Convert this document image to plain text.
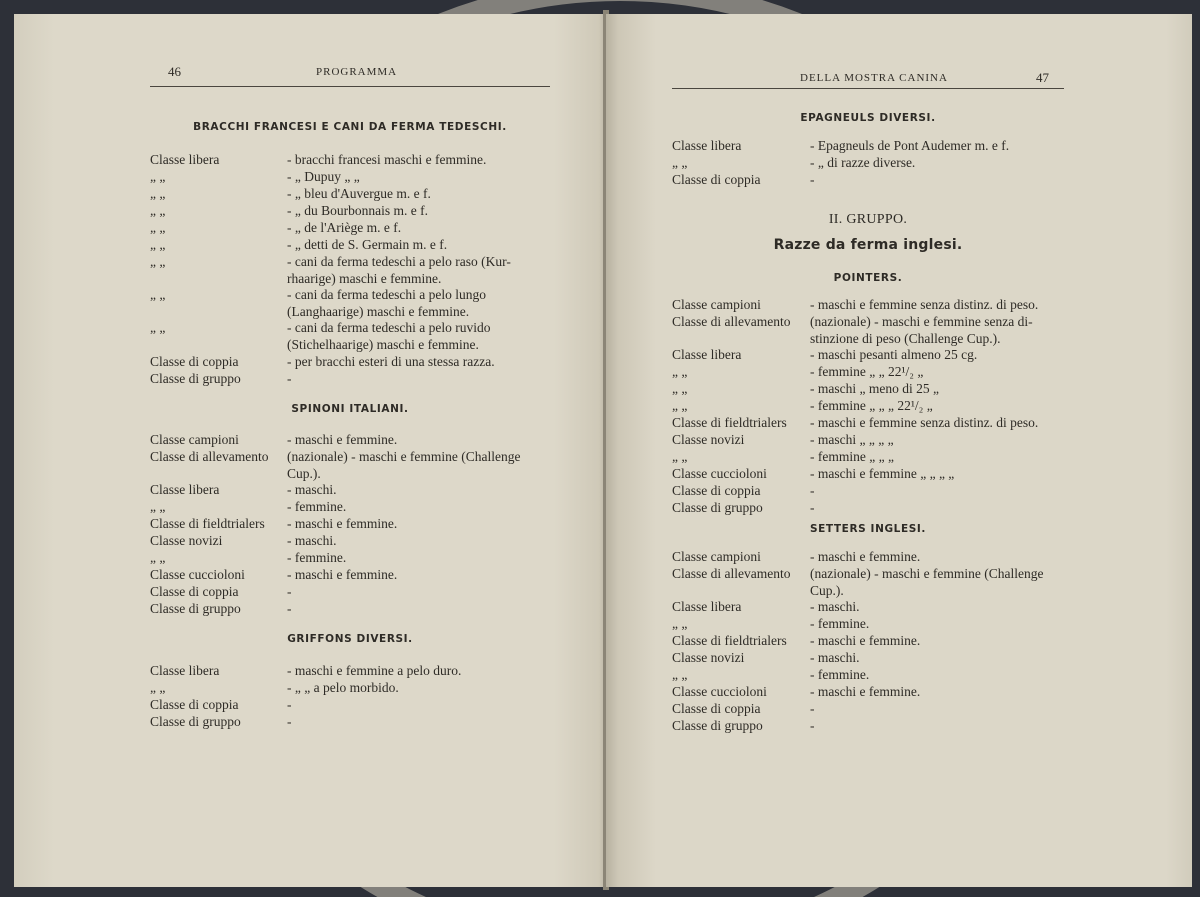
46	PROGRAMMA	DELLA MOSTRA CANINA	47
BRACCHI FRANCESI E CANI DA FERMA TEDESCHI.
Classe libera	- bracchi francesi maschi e femmine.
„ „	- „ Dupuy „ „
„ „	- „ bleu d'Auvergue m. e f.
„ „	- „ du Bourbonnais m. e f.
„ „	- „ de l'Ariège m. e f.
„ „	- „ detti de S. Germain m. e f.
„ „	- cani da ferma tedeschi a pelo raso (Kur-rhaarige) maschi e femmine.
„ „	- cani da ferma tedeschi a pelo lungo (Langhaarige) maschi e femmine.
„ „	- cani da ferma tedeschi a pelo ruvido (Stichelhaarige) maschi e femmine.
Classe di coppia	- per bracchi esteri di una stessa razza.
Classe di gruppo	-
SPINONI ITALIANI.
Classe campioni	- maschi e femmine.
Classe di allevamento (nazionale) - maschi e femmine (Challenge Cup.).
Classe libera	- maschi.
„ „	- femmine.
Classe di fieldtrialers - maschi e femmine.
Classe novizi	- maschi.
„ „	- femmine.
Classe cuccioloni	- maschi e femmine.
Classe di coppia	-
Classe di gruppo	-
GRIFFONS DIVERSI.
Classe libera	- maschi e femmine a pelo duro.
„ „	- „ „ a pelo morbido.
Classe di coppia	-
Classe di gruppo	-
EPAGNEULS DIVERSI.
Classe libera	- Epagneuls de Pont Audemer m. e f.
„ „	- „ di razze diverse.
Classe di coppia	-
II. GRUPPO.
Razze da ferma inglesi.
POINTERS.
Classe campioni	- maschi e femmine senza distinz. di peso.
Classe di allevamento (nazionale) - maschi e femmine senza di-stinzione di peso (Challenge Cup.).
Classe libera	- maschi pesanti almeno 25 cg.
„ „	- femmine „ „ 22¹/₂ „
„ „	- maschi „ meno di 25 „
„ „	- femmine „ „ „ 22¹/₂ „
Classe di fieldtrialers - maschi e femmine senza distinz. di peso.
Classe novizi	- maschi „ „ „ „
„ „	- femmine „ „ „
Classe cuccioloni	- maschi e femmine „ „ „ „
Classe di coppia	-
Classe di gruppo	-
SETTERS INGLESI.
Classe campioni	- maschi e femmine.
Classe di allevamento (nazionale) - maschi e femmine (Challenge Cup.).
Classe libera	- maschi.
„ „	- femmine.
Classe di fieldtrialers - maschi e femmine.
Classe novizi	- maschi.
„ „	- femmine.
Classe cuccioloni	- maschi e femmine.
Classe di coppia	-
Classe di gruppo	-
